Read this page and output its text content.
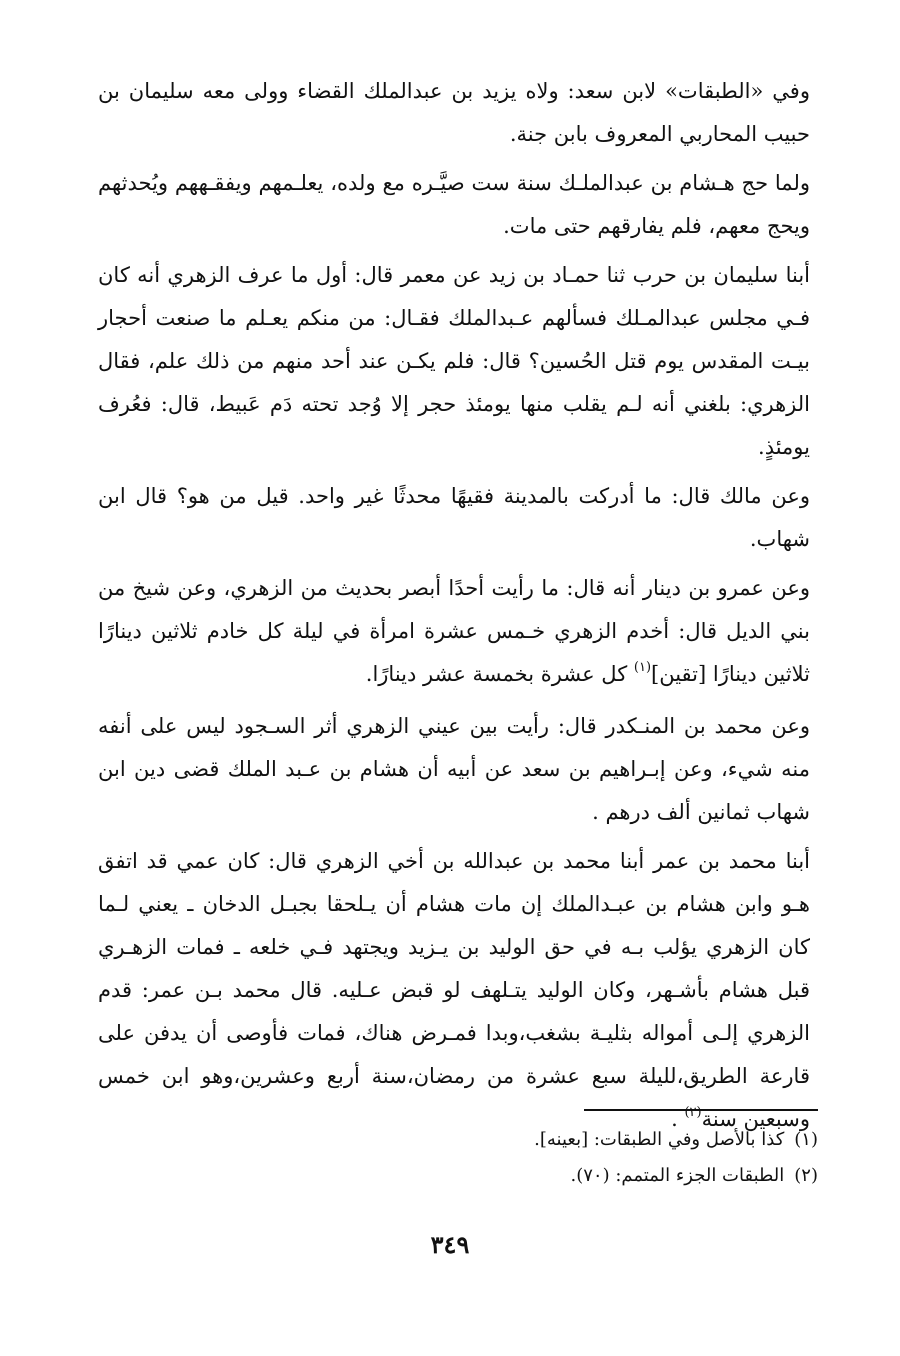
وفي «الطبقات» لابن سعد: ولاه يزيد بن عبدالملك القضاء وولى معه سليمان بن حبيب المحاربي المعروف بابن جنة.

ولما حج هـشام بن عبدالملـك سنة ست صيَّـره مع ولده، يعلـمهم ويفقـههم ويُحدثهم ويحج معهم، فلم يفارقهم حتى مات.

أبنا سليمان بن حرب ثنا حمـاد بن زيد عن معمر قال: أول ما عرف الزهري أنه كان فـي مجلس عبدالمـلك فسألهم عـبدالملك فقـال: من منكم يعـلم ما صنعت أحجار بيـت المقدس يوم قتل الحُسين؟ قال: فلم يكـن عند أحد منهم من ذلك علم، فقال الزهري: بلغني أنه لـم يقلب منها يومئذ حجر إلا وُجد تحته دَم عَبيط، قال: فعُرف يومئذٍ.

وعن مالك قال: ما أدركت بالمدينة فقيهًا محدثًا غير واحد. قيل من هو؟ قال ابن شهاب.

وعن عمرو بن دينار أنه قال: ما رأيت أحدًا أبصر بحديث من الزهري، وعن شيخ من بني الديل قال: أخدم الزهري خـمس عشرة امرأة في ليلة كل خادم ثلاثين دينارًا ثلاثين دينارًا [تقين]$^{(١)}$ كل عشرة بخمسة عشر دينارًا.

وعن محمد بن المنـكدر قال: رأيت بين عيني الزهري أثر السـجود ليس على أنفه منه شيء، وعن إبـراهيم بن سعد عن أبيه أن هشام بن عـبد الملك قضى دين ابن شهاب ثمانين ألف درهم .

أبنا محمد بن عمر أبنا محمد بن عبدالله بن أخي الزهري قال: كان عمي قد اتفق هـو وابن هشام بن عبـدالملك إن مات هشام أن يـلحقا بجبـل الدخان ـ يعني لـما كان الزهري يؤلب بـه في حق الوليد بن يـزيد ويجتهد فـي خلعه ـ فمات الزهـري قبل هشام بأشـهر، وكان الوليد يتـلهف لو قبض عـليه. قال محمد بـن عمر: قدم الزهري إلـى أمواله بثليـة بشغب،وبدا فمـرض هناك، فمات فأوصى أن يدفن على قارعة الطريق،لليلة سبع عشرة من رمضان،سنة أربع وعشرين،وهو ابن خمس وسبعين سنة$^{(٢)}$ .

(١)كذا بالأصل وفي الطبقات: [بعينه].

(٢)الطبقات الجزء المتمم: (٧٠).

٣٤٩
